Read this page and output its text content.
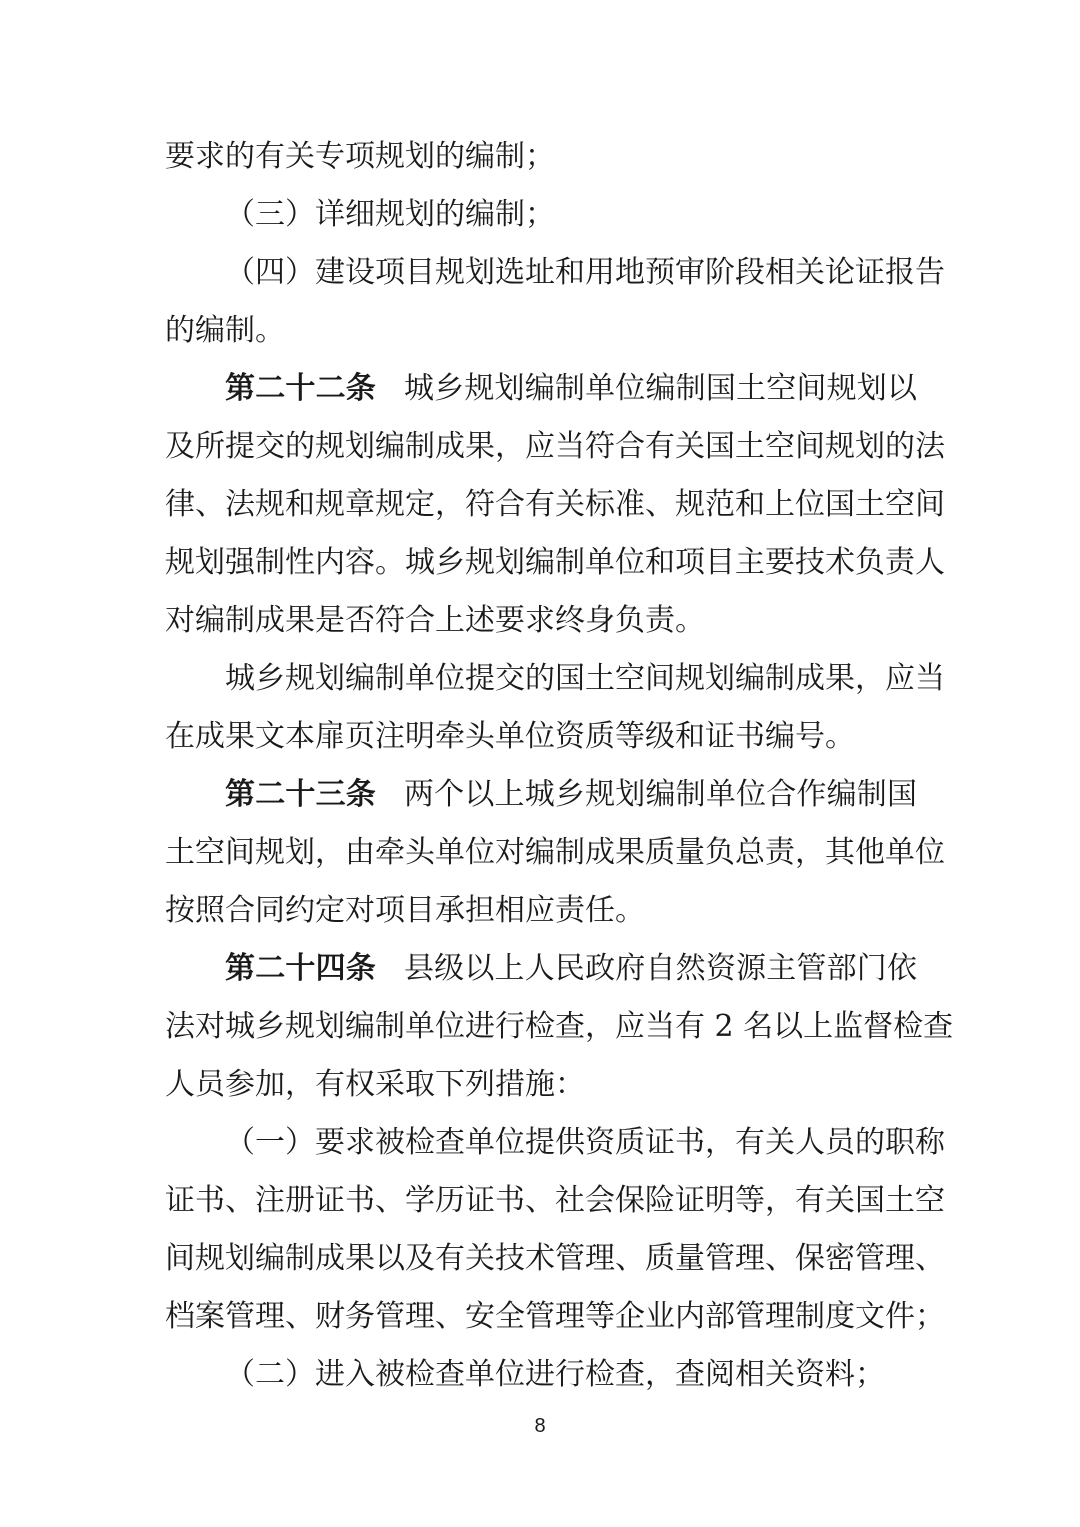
要求的有关专项规划的编制；
（三）详细规划的编制；
（四）建设项目规划选址和用地预审阶段相关论证报告
的编制。
第二十二条 城乡规划编制单位编制国土空间规划以
及所提交的规划编制成果，应当符合有关国土空间规划的法
律、法规和规章规定，符合有关标准、规范和上位国土空间
规划强制性内容。城乡规划编制单位和项目主要技术负责人
对编制成果是否符合上述要求终身负责。
城乡规划编制单位提交的国土空间规划编制成果，应当
在成果文本扉页注明牵头单位资质等级和证书编号。
第二十三条 两个以上城乡规划编制单位合作编制国
土空间规划，由牵头单位对编制成果质量负总责，其他单位
按照合同约定对项目承担相应责任。
第二十四条 县级以上人民政府自然资源主管部门依
法对城乡规划编制单位进行检查，应当有 2 名以上监督检查
人员参加，有权采取下列措施：
（一）要求被检查单位提供资质证书，有关人员的职称
证书、注册证书、学历证书、社会保险证明等，有关国土空
间规划编制成果以及有关技术管理、质量管理、保密管理、
档案管理、财务管理、安全管理等企业内部管理制度文件；
（二）进入被检查单位进行检查，查阅相关资料；
8
